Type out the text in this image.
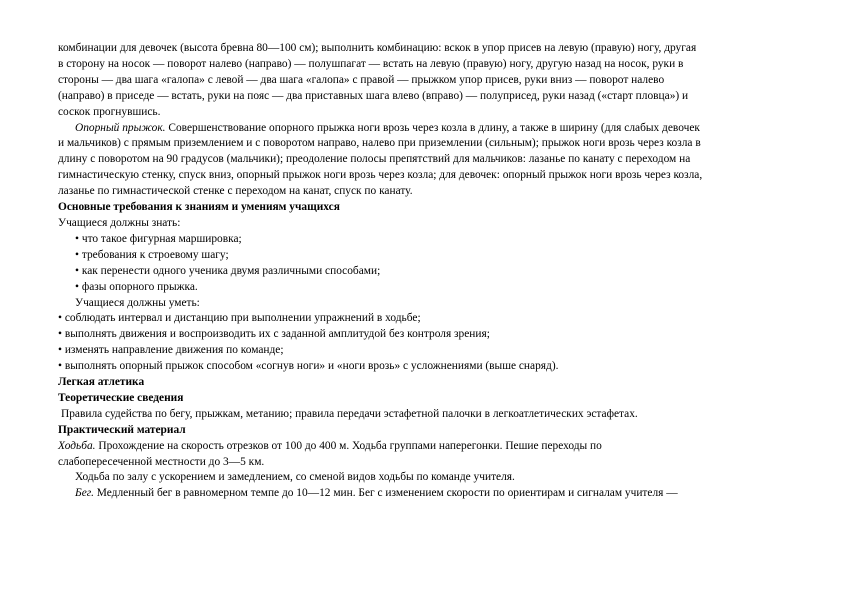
комбинации для девочек (высота бревна 80—100 см); выполнить комбинацию: вскок в упор присев на левую (правую) ногу, другая
в сторону на носок — поворот налево (направо) — полушпагат — встать на левую (правую) ногу, другую назад на носок, руки в
стороны — два шага «галопа» с левой — два шага «галопа» с правой — прыжком упор присев, руки вниз — поворот налево
(направо) в приседе — встать, руки на пояс — два приставных шага влево (вправо) — полуприсед, руки назад («старт пловца») и
соскок прогнувшись.
Опорный прыжок. Совершенствование опорного прыжка ноги врозь через козла в длину, а также в ширину (для слабых девочек
и мальчиков) с прямым приземлением и с поворотом направо, налево при приземлении (сильным); прыжок ноги врозь через козла в
длину с поворотом на 90 градусов (мальчики); преодоление полосы препятствий для мальчиков: лазанье по канату с переходом на
гимнастическую стенку, спуск вниз, опорный прыжок ноги врозь через козла; для девочек: опорный прыжок ноги врозь через козла,
лазанье по гимнастической стенке с переходом на канат, спуск по канату.
Основные требования к знаниям и умениям учащихся
Учащиеся должны знать:
• что такое фигурная маршировка;
• требования к строевому шагу;
• как перенести одного ученика двумя различными способами;
• фазы опорного прыжка.
Учащиеся должны уметь:
• соблюдать интервал и дистанцию при выполнении упражнений в ходьбе;
• выполнять движения и воспроизводить их с заданной амплитудой без контроля зрения;
• изменять направление движения по команде;
• выполнять опорный прыжок способом «согнув ноги» и «ноги врозь» с усложнениями (выше снаряд).
Легкая атлетика
Теоретические сведения
Правила судейства по бегу, прыжкам, метанию; правила передачи эстафетной палочки в легкоатлетических эстафетах.
Практический материал
Ходьба. Прохождение на скорость отрезков от 100 до 400 м. Ходьба группами наперегонки. Пешие переходы по
слабопересеченной местности до 3—5 км.
Ходьба по залу с ускорением и замедлением, со сменой видов ходьбы по команде учителя.
Бег. Медленный бег в равномерном темпе до 10—12 мин. Бег с изменением скорости по ориентирам и сигналам учителя —
